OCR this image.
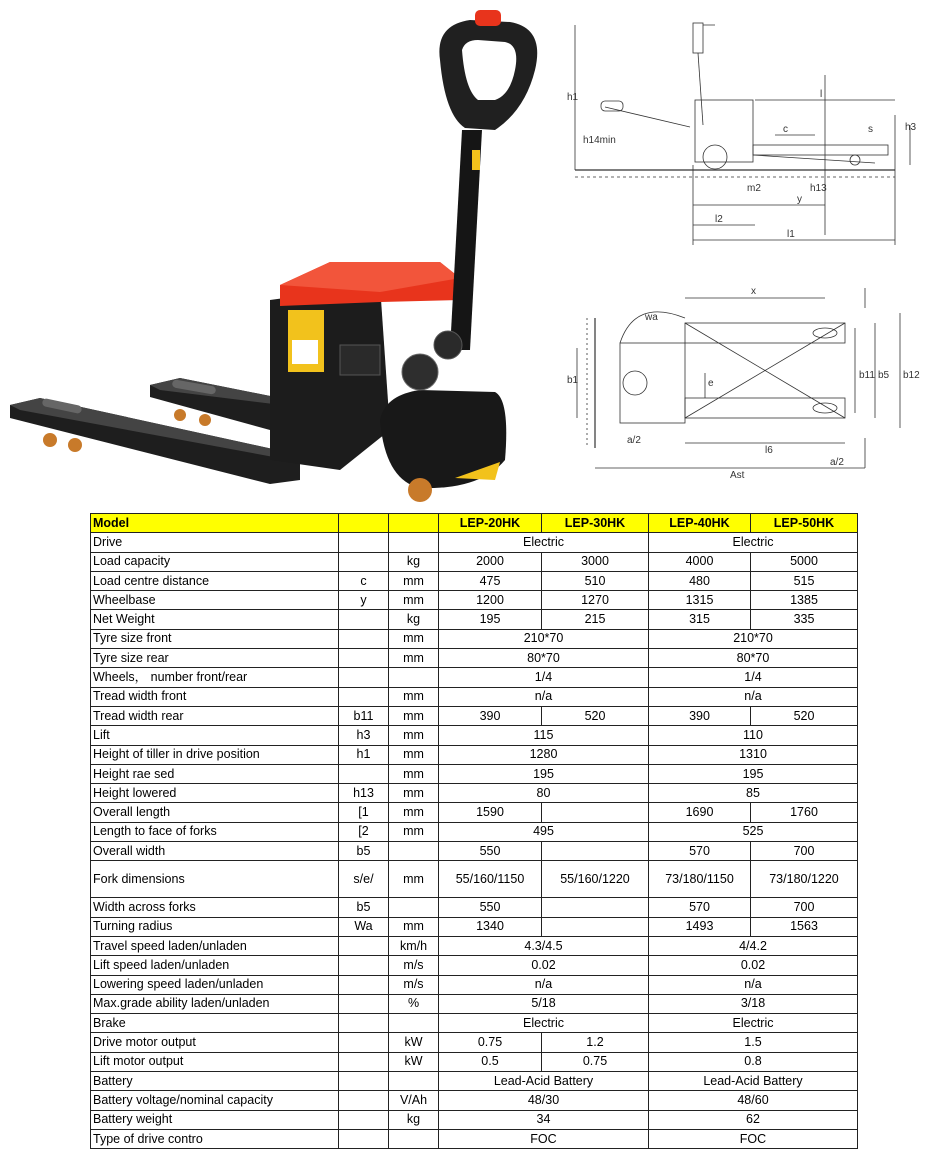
h1
h14min
l
c	s	h3
m2	h13
y
l2
l1
x
wa
b1	b11 b5 b12
e
a/2
a/2
l6
Ast
Model			LEP-20HK	LEP-30HK	LEP-40HK	LEP-50HK
Drive			Electric		Electric	
Load capacity		kg	2000	3000	4000	5000
Load centre distance	c	mm	475	510	480	515
Wheelbase	y	mm	1200	1270	1315	1385
Net Weight		kg	195	215	315	335
Tyre size front		mm	210*70		210*70	
Tyre size rear		mm	80*70		80*70	
Wheels， number front/rear			1/4		1/4	
Tread width front		mm	n/a		n/a	
Tread width rear	b11	mm	390	520	390	520
Lift	h3	mm	115		110	
Height of tiller in drive position	h1	mm	1280		1310	
Height rae sed		mm	195		195	
Height lowered	h13	mm	80		85	
Overall length	[1	mm	1590		1690	1760
Length to face of forks	[2	mm	495		525	
Overall width	b5		550		570	700
Fork dimensions	s/e/	mm	55/160/1150	55/160/1220	73/180/1150	73/180/1220
Width across forks	b5		550		570	700
Turning radius	Wa	mm	1340		1493	1563
Travel speed laden/unladen		km/h	4.3/4.5		4/4.2	
Lift speed laden/unladen		m/s	0.02		0.02	
Lowering speed laden/unladen		m/s	n/a		n/a	
Max.grade ability laden/unladen		%	5/18		3/18	
Brake			Electric		Electric	
Drive motor output		kW	0.75	1.2	1.5	
Lift motor output		kW	0.5	0.75	0.8	
Battery			Lead-Acid Battery		Lead-Acid Battery	
Battery voltage/nominal capacity		V/Ah	48/30		48/60	
Battery weight		kg	34		62	
Type of drive contro			FOC		FOC	
